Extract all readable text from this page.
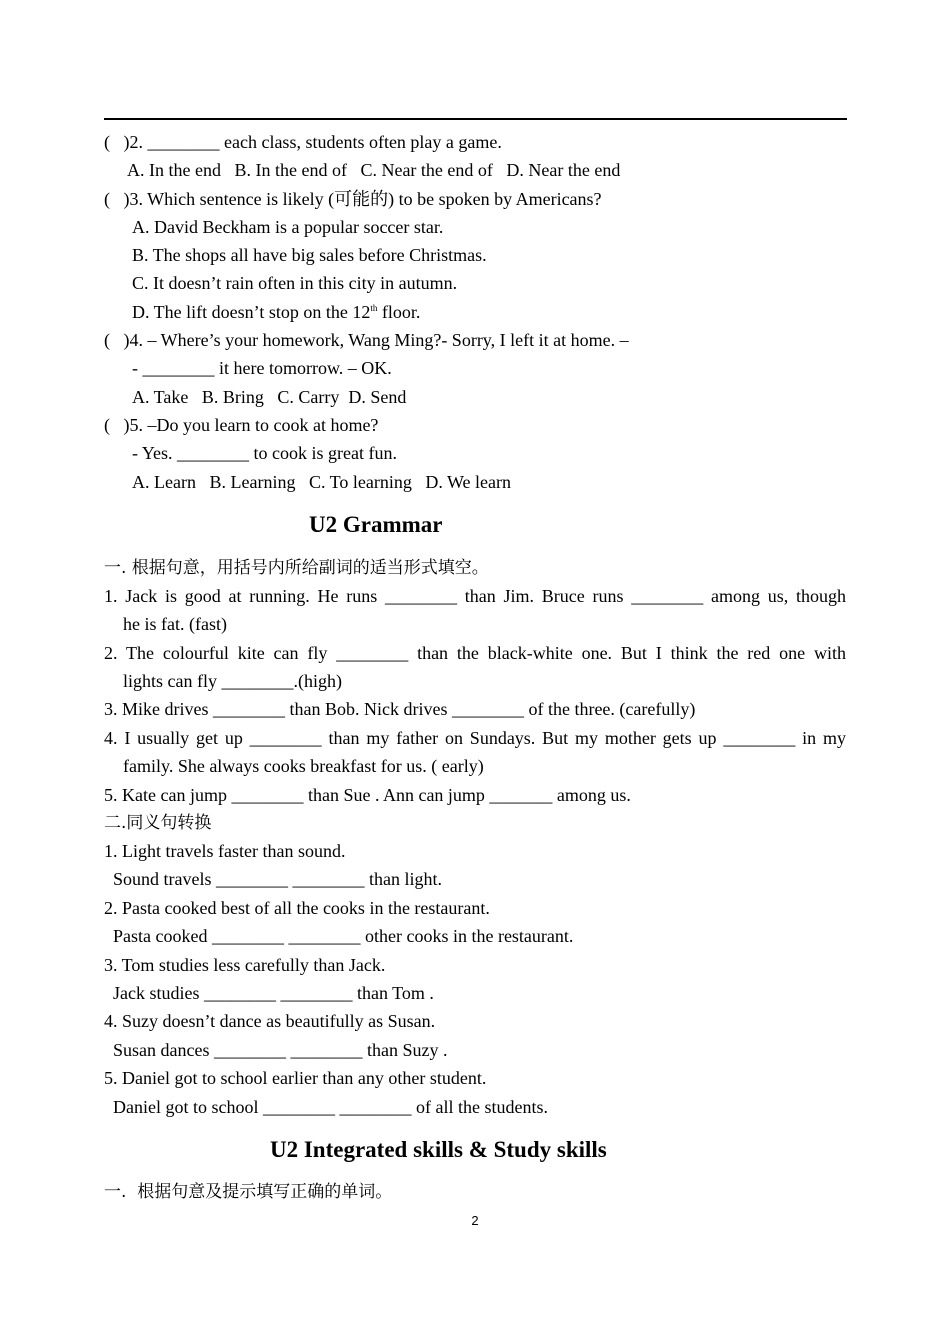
(   )2. ________ each class, students often play a game.
A. In the end   B. In the end of   C. Near the end of   D. Near the end
(   )3. Which sentence is likely (可能的) to be spoken by Americans?
A. David Beckham is a popular soccer star.
B. The shops all have big sales before Christmas.
C. It doesn’t rain often in this city in autumn.
D. The lift doesn’t stop on the 12th floor.
(   )4. – Where’s your homework, Wang Ming?- Sorry, I left it at home. –
- ________ it here tomorrow. – OK.
A. Take   B. Bring   C. Carry  D. Send
(   )5. –Do you learn to cook at home?
- Yes. ________ to cook is great fun.
A. Learn   B. Learning   C. To learning   D. We learn
U2 Grammar
一. 根据句意，用括号内所给副词的适当形式填空。
1. Jack is good at running. He runs ________ than Jim. Bruce runs ________ among us, though
he is fat. (fast)
2. The colourful kite can fly ________ than the black-white one. But I think the red one with
lights can fly ________.(high)
3. Mike drives ________ than Bob. Nick drives ________ of the three. (carefully)
4. I usually get up ________ than my father on Sundays. But my mother gets up ________ in my
family. She always cooks breakfast for us. ( early)
5. Kate can jump ________ than Sue . Ann can jump _______ among us.
二.同义句转换
1. Light travels faster than sound.
Sound travels ________ ________ than light.
2. Pasta cooked best of all the cooks in the restaurant.
Pasta cooked ________ ________ other cooks in the restaurant.
3. Tom studies less carefully than Jack.
Jack studies ________ ________ than Tom .
4. Suzy doesn’t dance as beautifully as Susan.
Susan dances ________ ________ than Suzy .
5. Daniel got to school earlier than any other student.
Daniel got to school ________ ________ of all the students.
U2 Integrated skills & Study skills
一.  根据句意及提示填写正确的单词。
2
